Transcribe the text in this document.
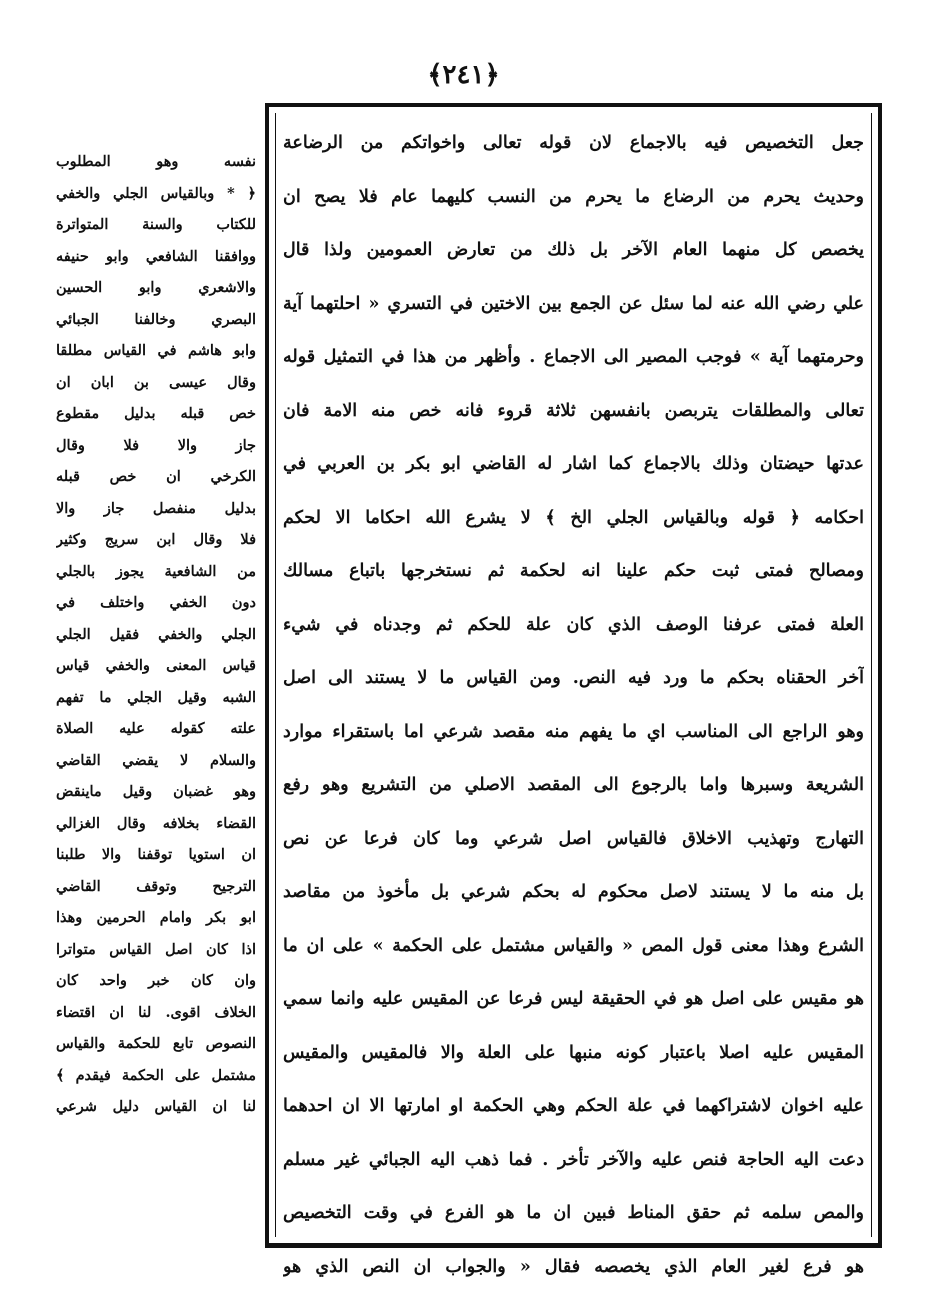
﴿٢٤١﴾
نفسه وهو المطلوب
﴿ * وبالقياس الجلي والخفي
للكتاب والسنة المتواترة
ووافقنا الشافعي وابو حنيفه
والاشعري وابو الحسين
البصري وخالفنا الجبائي
وابو هاشم في القياس مطلقا
وقال عيسى بن ابان ان
خص قبله بدليل مقطوع
جاز والا فلا وقال
الكرخي ان خص قبله
بدليل منفصل جاز والا
فلا وقال ابن سريج وكثير
من الشافعية يجوز بالجلي
دون الخفي واختلف في
الجلي والخفي فقيل الجلي
قياس المعنى والخفي قياس
الشبه وقيل الجلي ما تفهم
علته كقوله عليه الصلاة
والسلام لا يقضي القاضي
وهو غضبان وقيل ماينقض
القضاء بخلافه وقال الغزالي
ان استويا توقفنا والا طلبنا
الترجيح وتوقف القاضي
ابو بكر وامام الحرمين وهذا
اذا كان اصل القياس متواترا
وان كان خبر واحد كان
الخلاف اقوى. لنا ان اقتضاء
النصوص تابع للحكمة والقياس
مشتمل على الحكمة فيقدم ﴾
لنا ان القياس دليل شرعي
جعل التخصيص فيه بالاجماع لان قوله تعالى واخواتكم من الرضاعة
وحديث يحرم من الرضاع ما يحرم من النسب كليهما عام فلا يصح ان
يخصص كل منهما العام الآخر بل ذلك من تعارض العمومين ولذا قال
علي رضي الله عنه لما سئل عن الجمع بين الاختين في التسري « احلتهما آية
وحرمتهما آية » فوجب المصير الى الاجماع . وأظهر من هذا في التمثيل قوله
تعالى والمطلقات يتربصن بانفسهن ثلاثة قروء فانه خص منه الامة فان
عدتها حيضتان وذلك بالاجماع كما اشار له القاضي ابو بكر بن العربي في
احكامه ﴿ قوله وبالقياس الجلي الخ ﴾ لا يشرع الله احكاما الا لحكم
ومصالح فمتى ثبت حكم علينا انه لحكمة ثم نستخرجها باتباع مسالك
العلة فمتى عرفنا الوصف الذي كان علة للحكم ثم وجدناه في شيء
آخر الحقناه بحكم ما ورد فيه النص. ومن القياس ما لا يستند الى اصل
وهو الراجع الى المناسب اي ما يفهم منه مقصد شرعي اما باستقراء موارد
الشريعة وسبرها واما بالرجوع الى المقصد الاصلي من التشريع وهو رفع
التهارج وتهذيب الاخلاق فالقياس اصل شرعي وما كان فرعا عن نص
بل منه ما لا يستند لاصل محكوم له بحكم شرعي بل مأخوذ من مقاصد
الشرع وهذا معنى قول المص « والقياس مشتمل على الحكمة » على ان ما
هو مقيس على اصل هو في الحقيقة ليس فرعا عن المقيس عليه وانما سمي
المقيس عليه اصلا باعتبار كونه منبها على العلة والا فالمقيس والمقيس
عليه اخوان لاشتراكهما في علة الحكم وهي الحكمة او امارتها الا ان احدهما
دعت اليه الحاجة فنص عليه والآخر تأخر . فما ذهب اليه الجبائي غير مسلم
والمص سلمه ثم حقق المناط فبين ان ما هو الفرع في وقت التخصيص
هو فرع لغير العام الذي يخصصه فقال « والجواب ان النص الذي هو
